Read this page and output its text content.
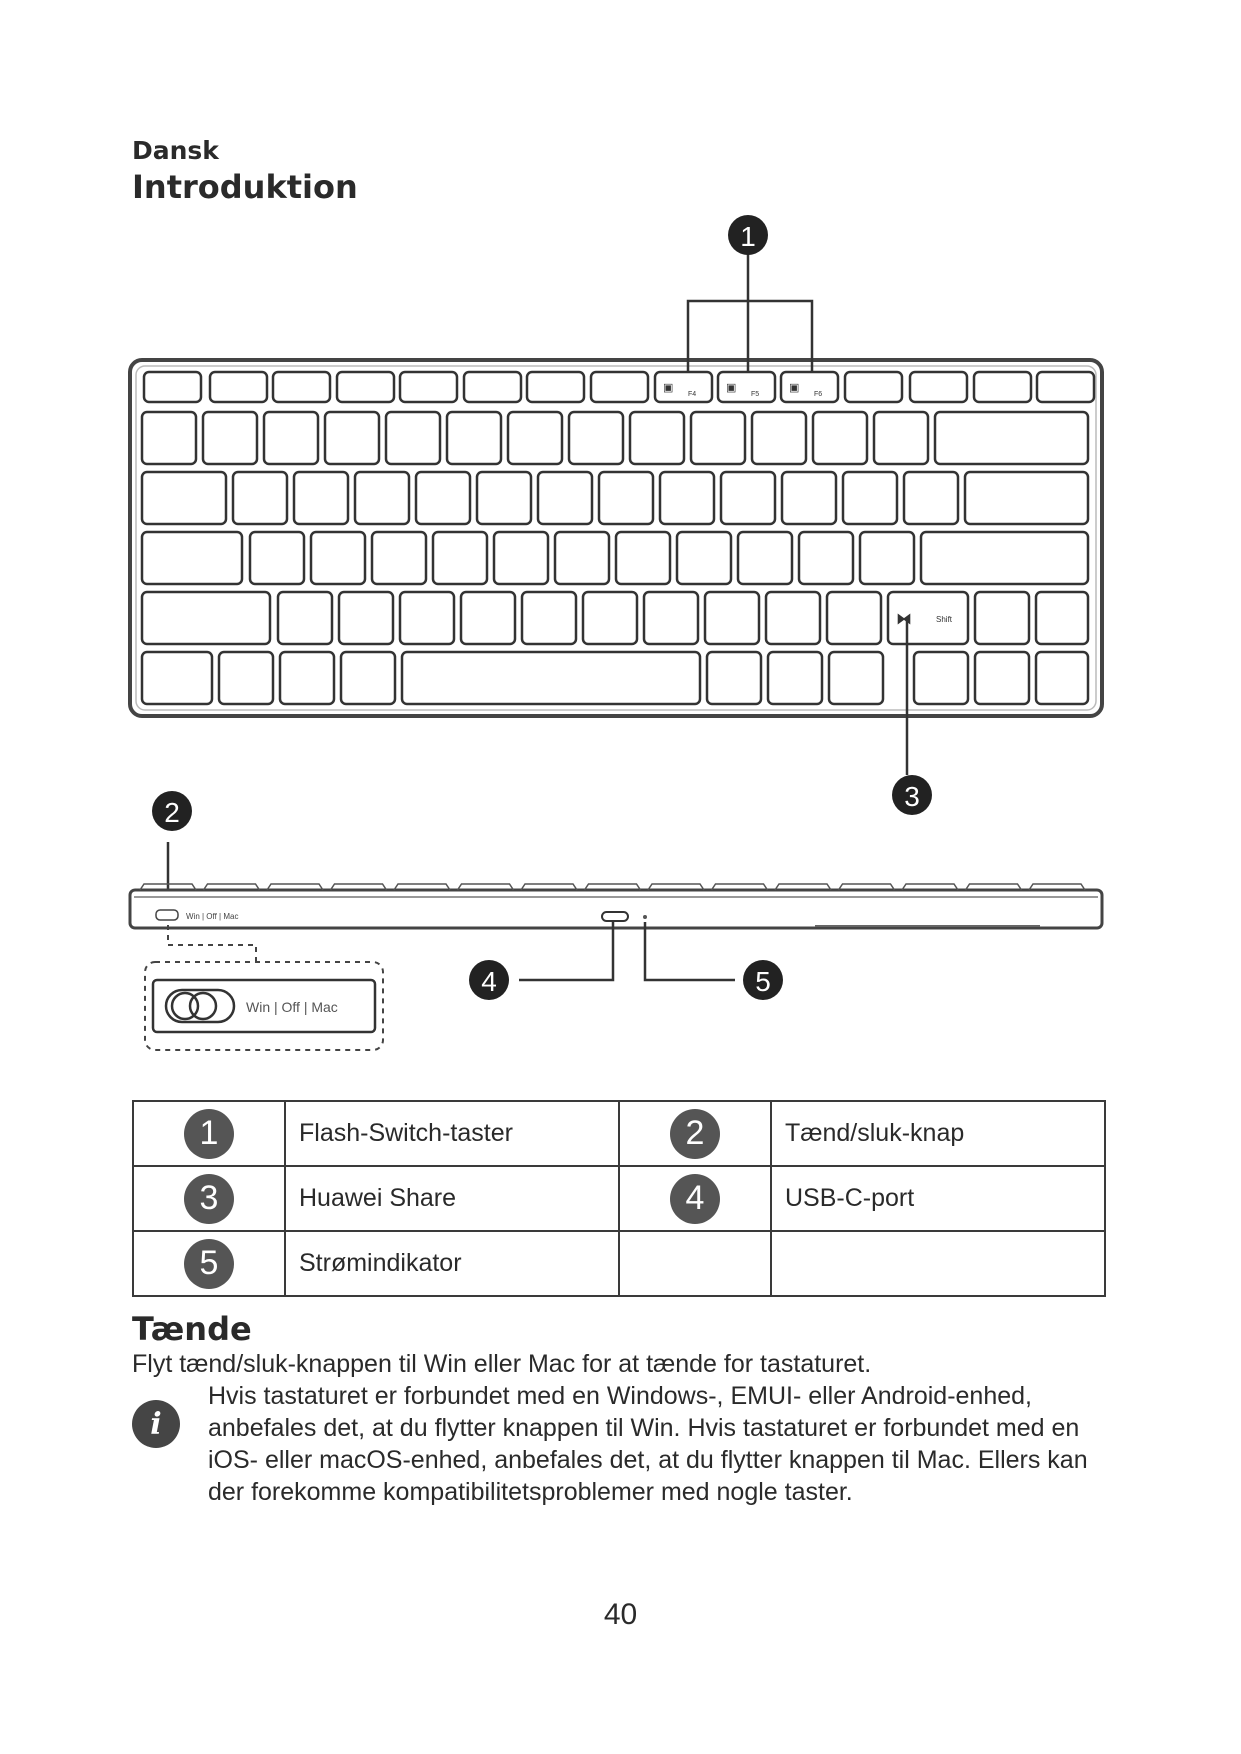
Dansk
Introduktion
▣
F4
▣
F5
▣
F6
⧓	Shift
1
3
2
Win | Off | Mac
Win | Off | Mac
4	5
1	Flash-Switch-taster	2	Tænd/sluk-knap
3	Huawei Share	4	USB-C-port
5	Strømindikator		
Tænde
Flyt tænd/sluk-knappen til Win eller Mac for at tænde for tastaturet.
i
Hvis tastaturet er forbundet med en Windows-, EMUI- eller Android-enhed, anbefales det, at du flytter knappen til Win. Hvis tastaturet er forbundet med en iOS- eller macOS-enhed, anbefales det, at du flytter knappen til Mac. Ellers kan der forekomme kompatibilitetsproblemer med nogle taster.
40
